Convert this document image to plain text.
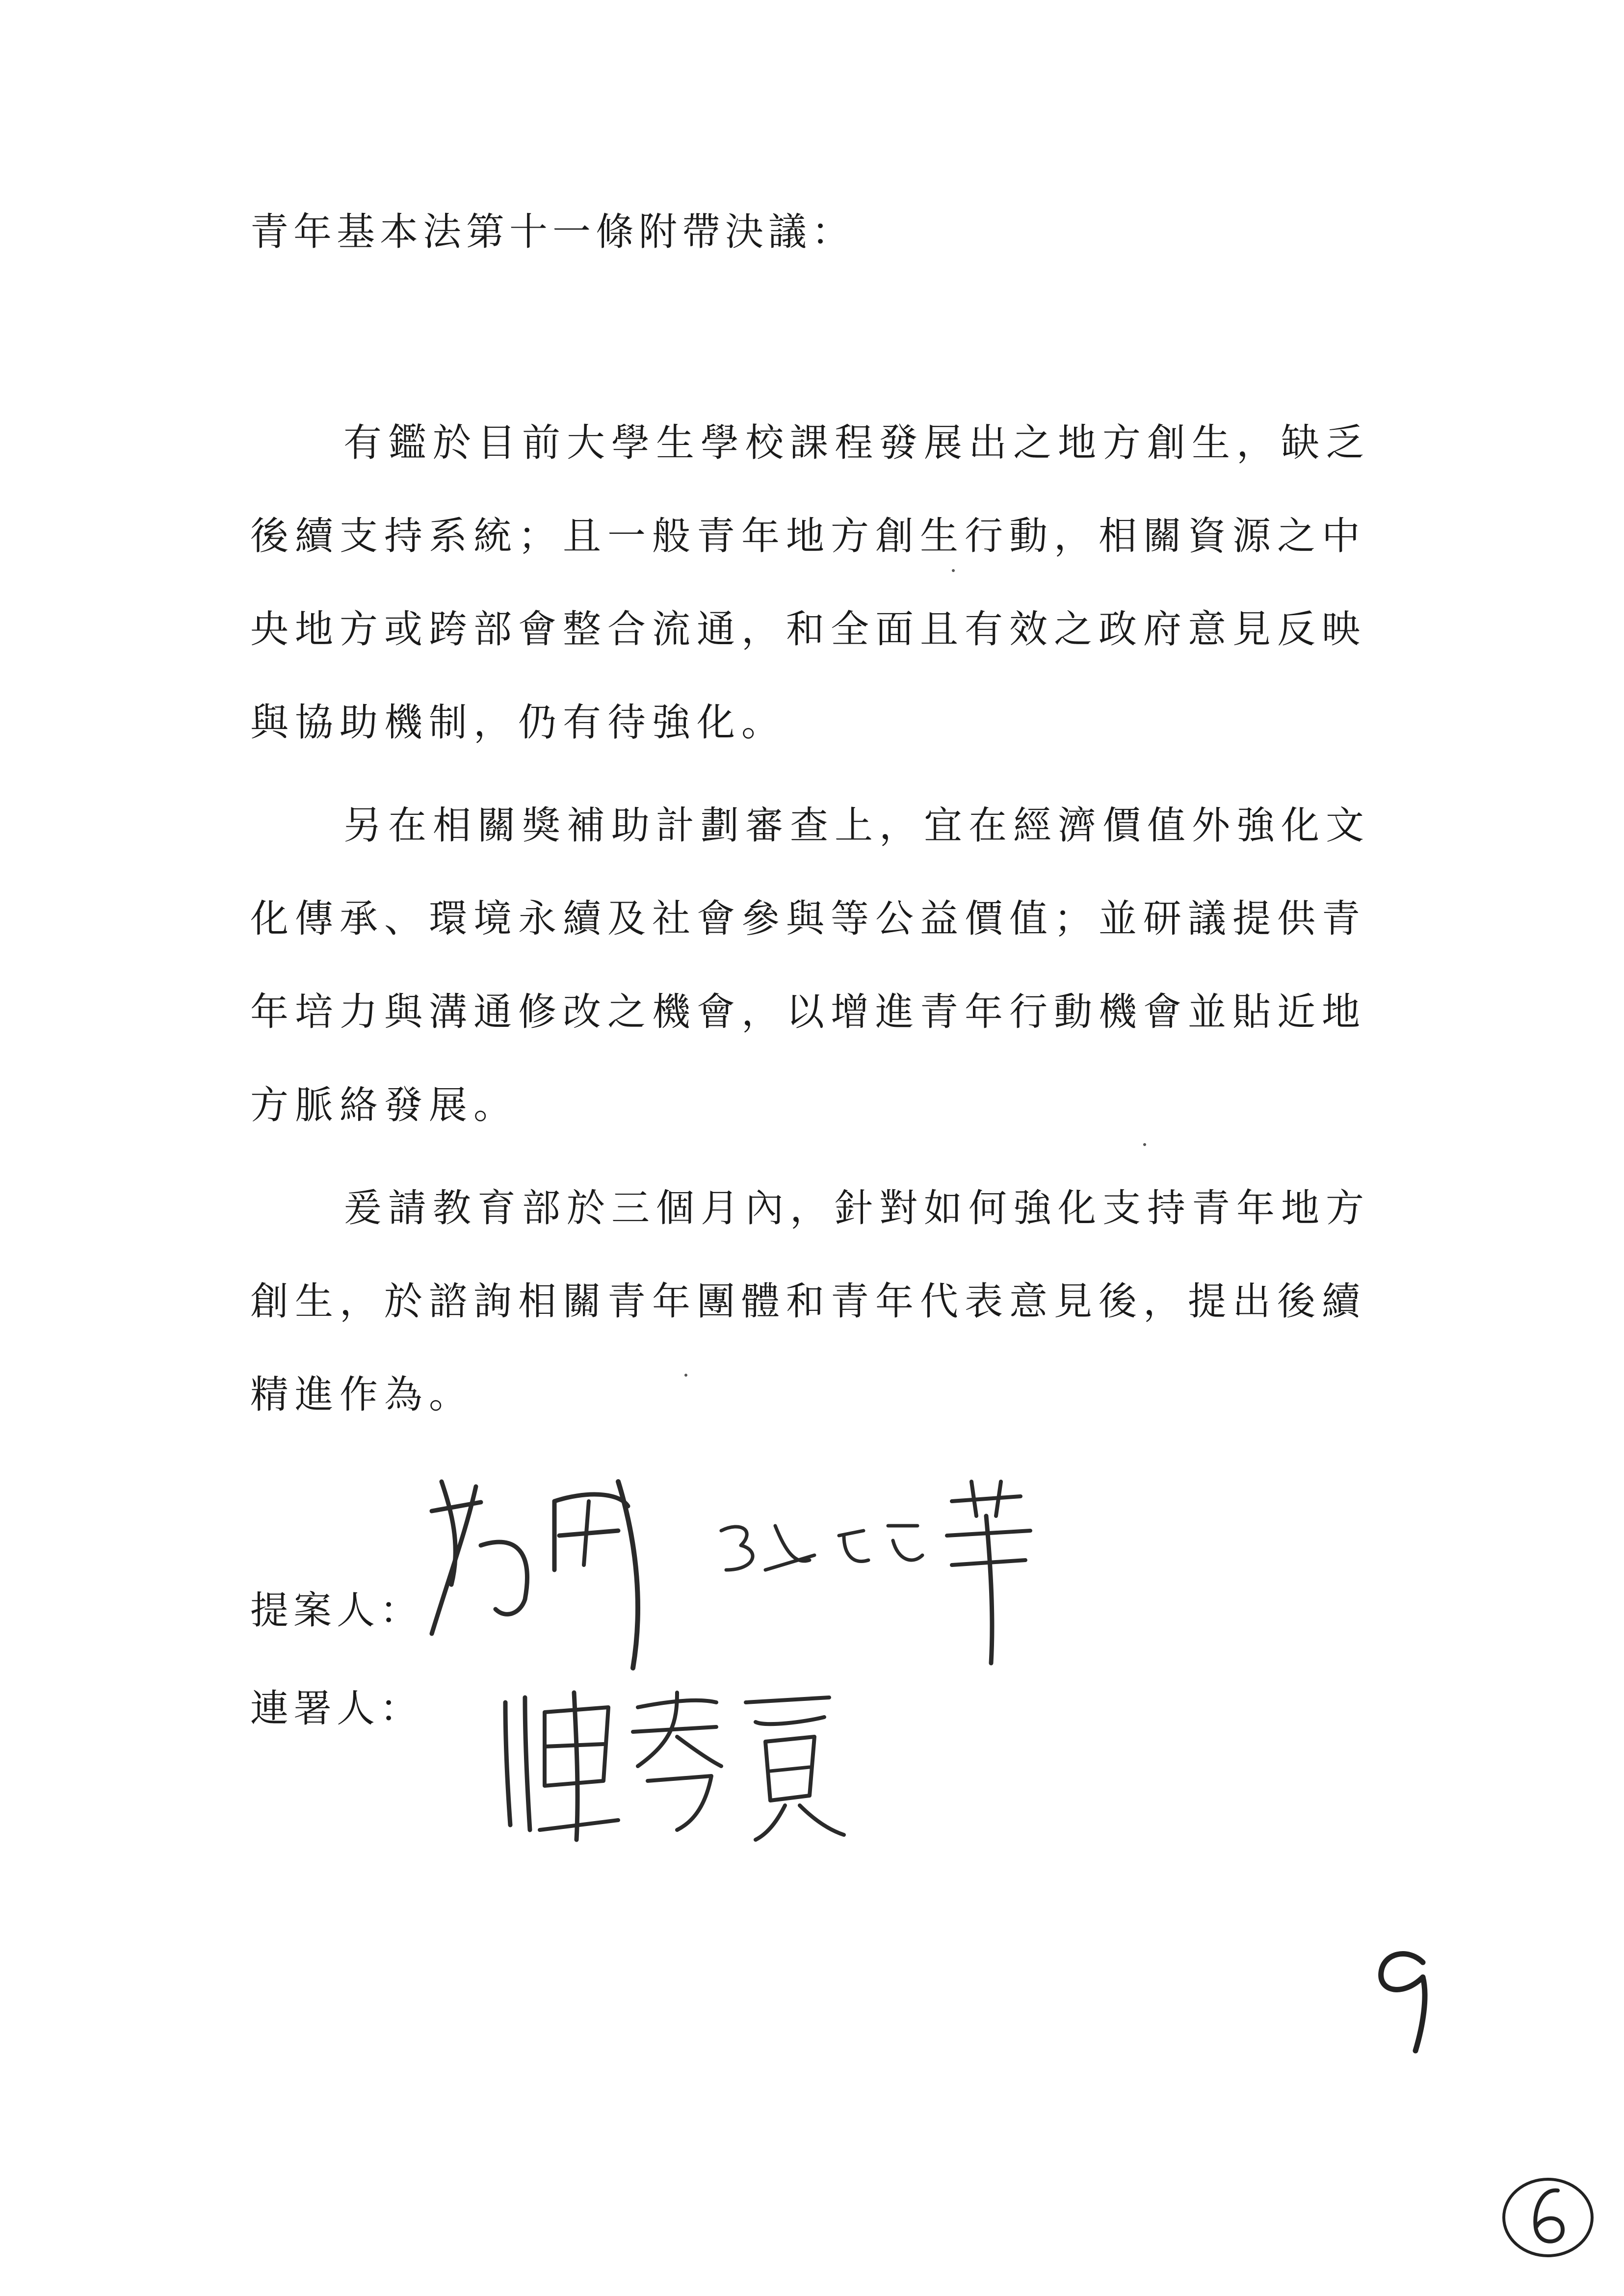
青年基本法第十一條附帶決議：
有鑑於目前大學生學校課程發展出之地方創生，缺乏
後續支持系統；且一般青年地方創生行動，相關資源之中
央地方或跨部會整合流通，和全面且有效之政府意見反映
與協助機制，仍有待強化。
另在相關獎補助計劃審查上，宜在經濟價值外強化文
化傳承、環境永續及社會參與等公益價值；並研議提供青
年培力與溝通修改之機會，以增進青年行動機會並貼近地
方脈絡發展。
爰請教育部於三個月內，針對如何強化支持青年地方
創生，於諮詢相關青年團體和青年代表意見後，提出後續
精進作為。
提案人：
連署人：
